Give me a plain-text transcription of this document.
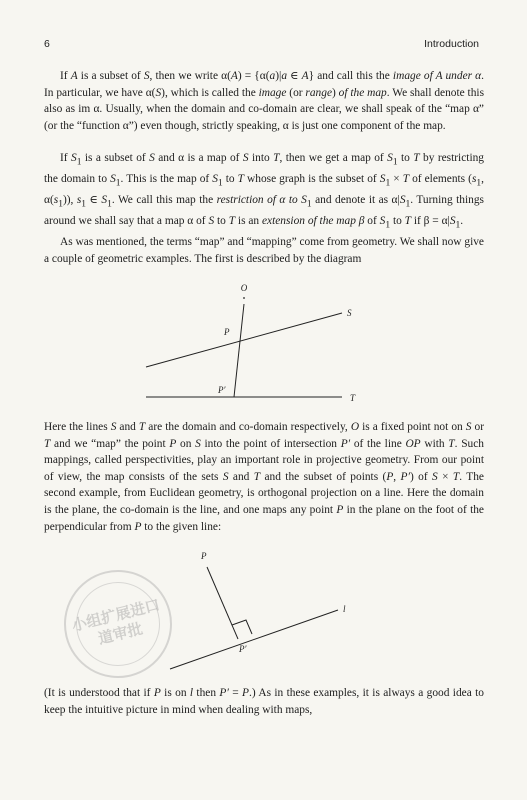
6	Introduction

If A is a subset of S, then we write α(A) = {α(a)|a ∈ A} and call this the image of A under α. In particular, we have α(S), which is called the image (or range) of the map. We shall denote this also as im α. Usually, when the domain and co-domain are clear, we shall speak of the “map α” (or the “function α”) even though, strictly speaking, α is just one component of the map.

If $S_1$ is a subset of S and α is a map of S into T, then we get a map of $S_1$ to T by restricting the domain to $S_1$. This is the map of $S_1$ to T whose graph is the subset of $S_1 \times T$ of elements ($s_1$, $\alpha(s_1)$), $s_1$ ∈ $S_1$. We call this map the restriction of α to $S_1$ and denote it as $\alpha|S_1$. Turning things around we shall say that a map α of S to T is an extension of the map β of $S_1$ to T if $\beta = \alpha|S_1$.

As was mentioned, the terms “map” and “mapping” come from geometry. We shall now give a couple of geometric examples. The first is described by the diagram

O
P
P′
S
T

Here the lines S and T are the domain and co-domain respectively, O is a fixed point not on S or T and we “map” the point P on S into the point of intersection P′ of the line OP with T. Such mappings, called perspectivities, play an important role in projective geometry. From our point of view, the map consists of the sets S and T and the subset of points (P, P′) of S × T. The second example, from Euclidean geometry, is orthogonal projection on a line. Here the domain is the plane, the co-domain is the line, and one maps any point P in the plane on the foot of the perpendicular from P to the given line:

小组扩展进口道审批
P
l
P′

(It is understood that if P is on l then P′ = P.) As in these examples, it is always a good idea to keep the intuitive picture in mind when dealing with maps,
